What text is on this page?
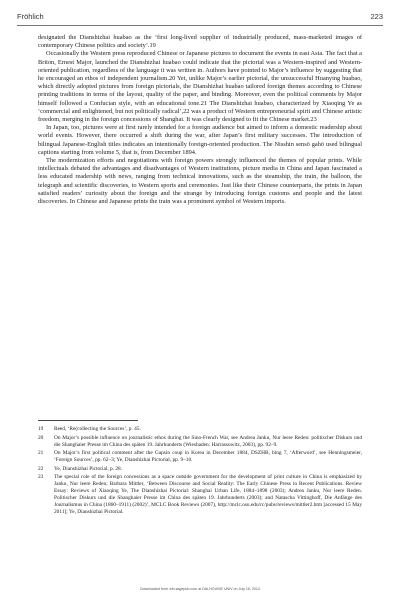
Fröhlich	223

designated the Dianshizhai huabao as the ‘first long-lived supplier of industrially produced, mass-marketed images of contemporary Chinese politics and society’.19

Occasionally the Western press reproduced Chinese or Japanese pictures to document the events in east Asia. The fact that a Briton, Ernest Major, launched the Dianshizhai huabao could indicate that the pictorial was a Western-inspired and Western-oriented publication, regardless of the language it was written in. Authors have pointed to Major’s influence by suggesting that he encouraged an ethos of independent journalism.20 Yet, unlike Major’s earlier pictorial, the unsuccessful Huanying huabao, which directly adopted pictures from foreign pictorials, the Dianshizhai huabao tailored foreign themes according to Chinese printing traditions in terms of the layout, quality of the paper, and binding. Moreover, even the political comments by Major himself followed a Confucian style, with an educational tone.21 The Dianshizhai huabao, characterized by Xiaoqing Ye as ‘commercial and enlightened, but not politically radical’,22 was a product of Western entrepreneurial spirit and Chinese artistic freedom, merging in the foreign concessions of Shanghai. It was clearly designed to fit the Chinese market.23

In Japan, too, pictures were at first rarely intended for a foreign audience but aimed to inform a domestic readership about world events. However, there occurred a shift during the war, after Japan’s first military successes. The introduction of bilingual Japanese-English titles indicates an intentionally foreign-oriented production. The Nisshin sensō gahō used bilingual captions starting from volume 5, that is, from December 1894.

The modernization efforts and negotiations with foreign powers strongly influenced the themes of popular prints. While intellectuals debated the advantages and disadvantages of Western institutions, picture media in China and Japan fascinated a less educated readership with news, ranging from technical innovations, such as the steamship, the train, the balloon, the telegraph and scientific discoveries, to Western sports and ceremonies. Just like their Chinese counterparts, the prints in Japan satisfied readers’ curiosity about the foreign and the strange by introducing foreign customs and people and the latest discoveries. In Chinese and Japanese prints the train was a prominent symbol of Western imports.

19 Reed, ‘Re(collecting the Sources’, p. 45.
20 On Major’s possible influence on journalistic ethos during the Sino-French War, see Andrea Janku, Nur leere Reden: politischer Diskurs und die Shanghaier Presse im China des späten 19. Jahrhunderts (Wiesbaden: Harrassowitz, 2003), pp. 92–9.
21 On Major’s first political comment after the Gapsin coup in Korea in December 1884, DSZHB, bing 7, ‘Afterword’, see Henningsmeier, ‘Foreign Sources’, pp. 62–3; Ye, Dianshizhai Pictorial, pp. 9–10.
22 Ye, Dianshizhai Pictorial, p. 28.
23 The special role of the foreign concessions as a space outside government for the development of print culture in China is emphasized by Janku, Nur leere Reden; Barbara Mittler, ‘Between Discourse and Social Reality: The Early Chinese Press in Recent Publications. Review Essay: Reviews of Xiaoqing Ye, The Dianshizhai Pictorial: Shanghai Urban Life, 1884–1898 (2003); Andrea Janku, Nur leere Reden. Politischer Diskurs und die Shanghaier Presse im China des späten 19. Jahrhunderts (2003); and Natascha Vittinghoff, Die Anfänge des Journalismus in China (1860–1911) (2002)’, MCLC Book Reviews (2007), http://mclc.osu.edu/rc/pubs/reviews/mittler2.htm [accessed 15 May 2011]; Ye, Dianshizhai Pictorial.
Downloaded from wih.sagepub.com at DALHOUSIE UNIV on July 16, 2014
